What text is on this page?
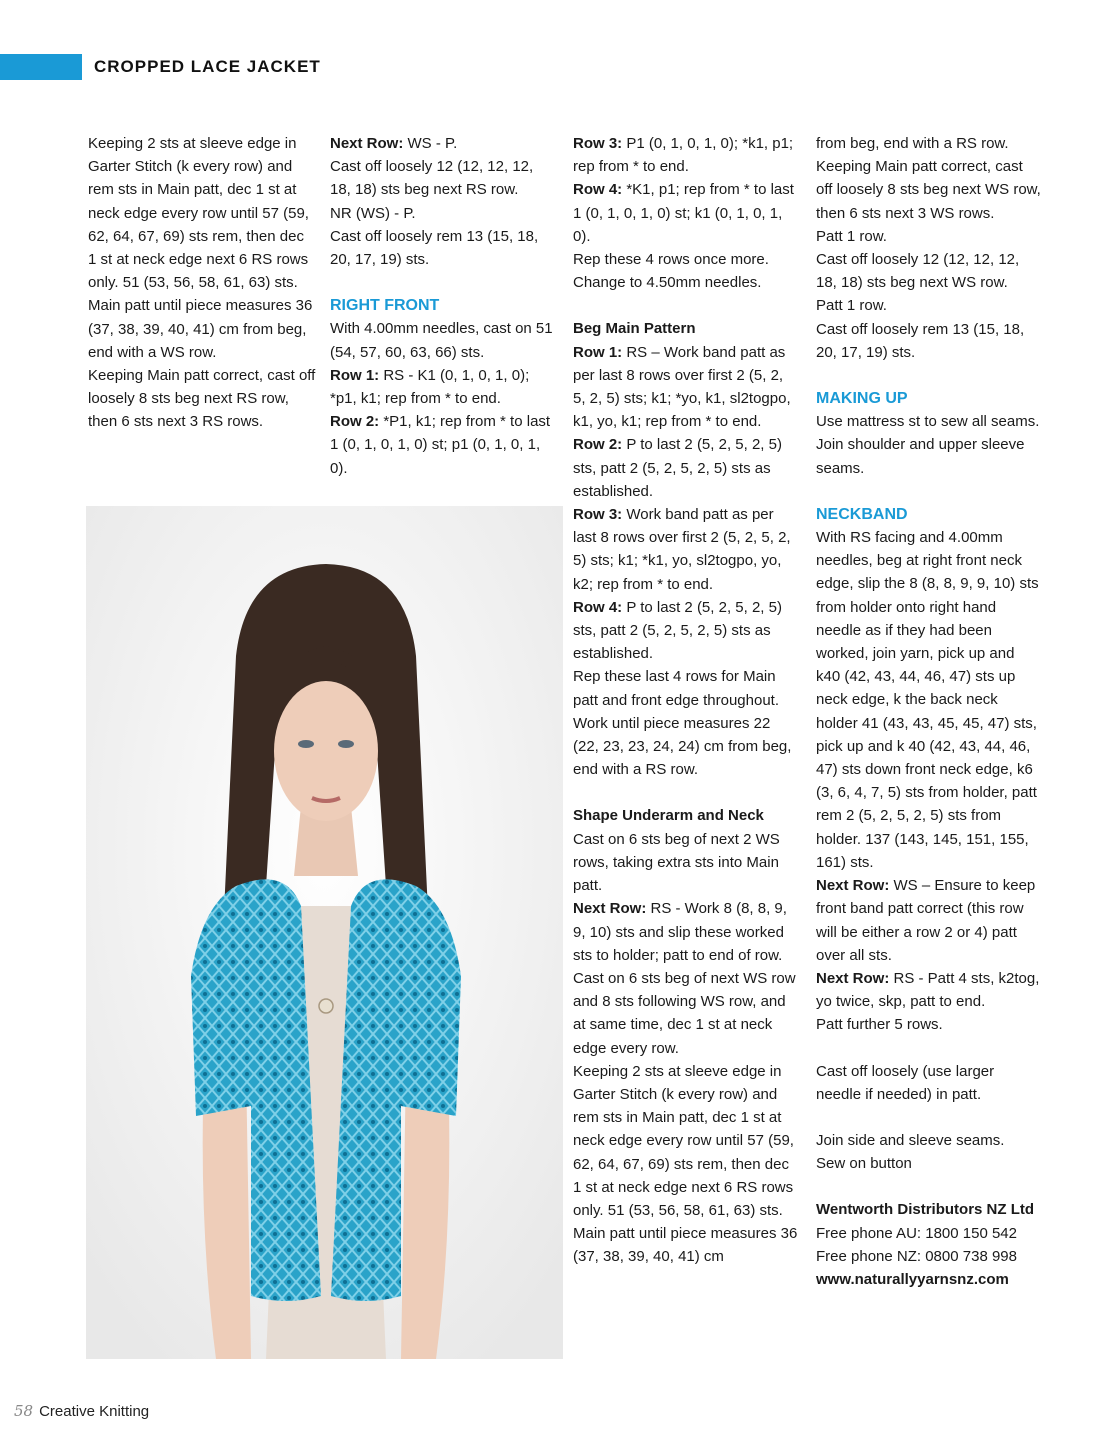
CROPPED LACE JACKET

Keeping 2 sts at sleeve edge in Garter Stitch (k every row) and rem sts in Main patt, dec 1 st at neck edge every row until 57 (59, 62, 64, 67, 69) sts rem, then dec 1 st at neck edge next 6 RS rows only. 51 (53, 56, 58, 61, 63) sts.

Main patt until piece measures 36 (37, 38, 39, 40, 41) cm from beg, end with a WS row.

Keeping Main patt correct, cast off loosely 8 sts beg next RS row, then 6 sts next 3 RS rows.

Next Row: WS - P.

Cast off loosely 12 (12, 12, 12, 18, 18) sts beg next RS row.

NR (WS) - P.

Cast off loosely rem 13 (15, 18, 20, 17, 19) sts.

RIGHT FRONT

With 4.00mm needles, cast on 51 (54, 57, 60, 63, 66) sts.

Row 1: RS - K1 (0, 1, 0, 1, 0); *p1, k1; rep from * to end.

Row 2: *P1, k1; rep from * to last 1 (0, 1, 0, 1, 0) st; p1 (0, 1, 0, 1, 0).

Row 3: P1 (0, 1, 0, 1, 0); *k1, p1; rep from * to end.

Row 4: *K1, p1; rep from * to last 1 (0, 1, 0, 1, 0) st; k1 (0, 1, 0, 1, 0).

Rep these 4 rows once more.

Change to 4.50mm needles.

Beg Main Pattern

Row 1: RS – Work band patt as per last 8 rows over first 2 (5, 2, 5, 2, 5) sts; k1; *yo, k1, sl2togpo, k1, yo, k1; rep from * to end.

Row 2: P to last 2 (5, 2, 5, 2, 5) sts, patt 2 (5, 2, 5, 2, 5) sts as established.

Row 3: Work band patt as per last 8 rows over first 2 (5, 2, 5, 2, 5) sts; k1; *k1, yo, sl2togpo, yo, k2; rep from * to end.

Row 4: P to last 2 (5, 2, 5, 2, 5) sts, patt 2 (5, 2, 5, 2, 5) sts as established.

Rep these last 4 rows for Main patt and front edge throughout.

Work until piece measures 22 (22, 23, 23, 24, 24) cm from beg, end with a RS row.

Shape Underarm and Neck

Cast on 6 sts beg of next 2 WS rows, taking extra sts into Main patt.

Next Row: RS - Work 8 (8, 8, 9, 9, 10) sts and slip these worked sts to holder; patt to end of row.

Cast on 6 sts beg of next WS row and 8 sts following WS row, and at same time, dec 1 st at neck edge every row.

Keeping 2 sts at sleeve edge in Garter Stitch (k every row) and rem sts in Main patt, dec 1 st at neck edge every row until 57 (59, 62, 64, 67, 69) sts rem, then dec 1 st at neck edge next 6 RS rows only. 51 (53, 56, 58, 61, 63) sts.

Main patt until piece measures 36 (37, 38, 39, 40, 41) cm

from beg, end with a RS row.

Keeping Main patt correct, cast off loosely 8 sts beg next WS row, then 6 sts next 3 WS rows.

Patt 1 row.

Cast off loosely 12 (12, 12, 12, 18, 18) sts beg next WS row.

Patt 1 row.

Cast off loosely rem 13 (15, 18, 20, 17, 19) sts.

MAKING UP

Use mattress st to sew all seams. Join shoulder and upper sleeve seams.

NECKBAND

With RS facing and 4.00mm needles, beg at right front neck edge, slip the 8 (8, 8, 9, 9, 10) sts from holder onto right hand needle as if they had been worked, join yarn, pick up and k40 (42, 43, 44, 46, 47) sts up neck edge, k the back neck holder 41 (43, 43, 45, 45, 47) sts, pick up and k 40 (42, 43, 44, 46, 47) sts down front neck edge, k6 (3, 6, 4, 7, 5) sts from holder, patt rem 2 (5, 2, 5, 2, 5) sts from holder. 137 (143, 145, 151, 155, 161) sts.

Next Row: WS – Ensure to keep front band patt correct (this row will be either a row 2 or 4) patt over all sts.

Next Row: RS - Patt 4 sts, k2tog, yo twice, skp, patt to end.

Patt further 5 rows.

Cast off loosely (use larger needle if needed) in patt.

Join side and sleeve seams.

Sew on button

Wentworth Distributors NZ Ltd

Free phone AU: 1800 150 542

Free phone NZ: 0800 738 998

www.naturallyyarnsnz.com

58 Creative Knitting
